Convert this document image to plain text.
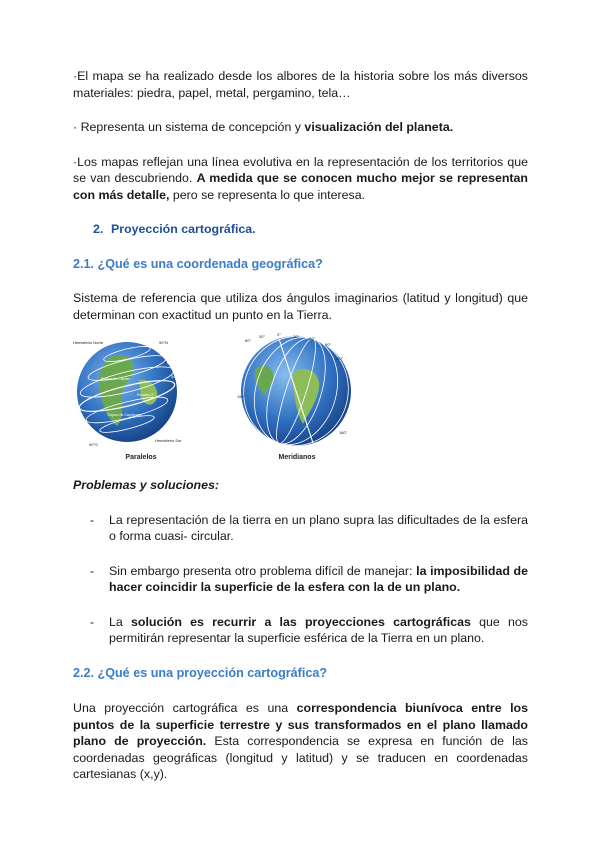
·El mapa se ha realizado desde los albores de la historia sobre los más diversos materiales: piedra, papel, metal, pergamino, tela…

· Representa un sistema de concepción y visualización del planeta.

·Los mapas reflejan una línea evolutiva en la representación de los territorios que se van descubriendo. A medida que se conocen mucho mejor se representan con más detalle, pero se representa lo que interesa.

2. Proyección cartográfica.

2.1. ¿Qué es una coordenada geográfica?

Sistema de referencia que utiliza dos ángulos imaginarios (latitud y longitud) que determinan con exactitud un punto en la Tierra.

Hemisferio Norte	90°N
60°
30°
Trópico de Cáncer
Ecuador 0°
Trópico de Capricornio
30°
60°
90°S
Hemisferio Sur
Paralelos
60°
30°	0°	30° 60°
90°
120°
150°
180°
Meridianos

Problemas y soluciones:

- La representación de la tierra en un plano supra las dificultades de la esfera o forma cuasi- circular.

- Sin embargo presenta otro problema difícil de manejar: la imposibilidad de hacer coincidir la superficie de la esfera con la de un plano.

- La solución es recurrir a las proyecciones cartográficas que nos permitirán representar la superficie esférica de la Tierra en un plano.

2.2. ¿Qué es una proyección cartográfica?

Una proyección cartográfica es una correspondencia biunívoca entre los puntos de la superficie terrestre y sus transformados en el plano llamado plano de proyección. Esta correspondencia se expresa en función de las coordenadas geográficas (longitud y latitud) y se traducen en coordenadas cartesianas (x,y).
